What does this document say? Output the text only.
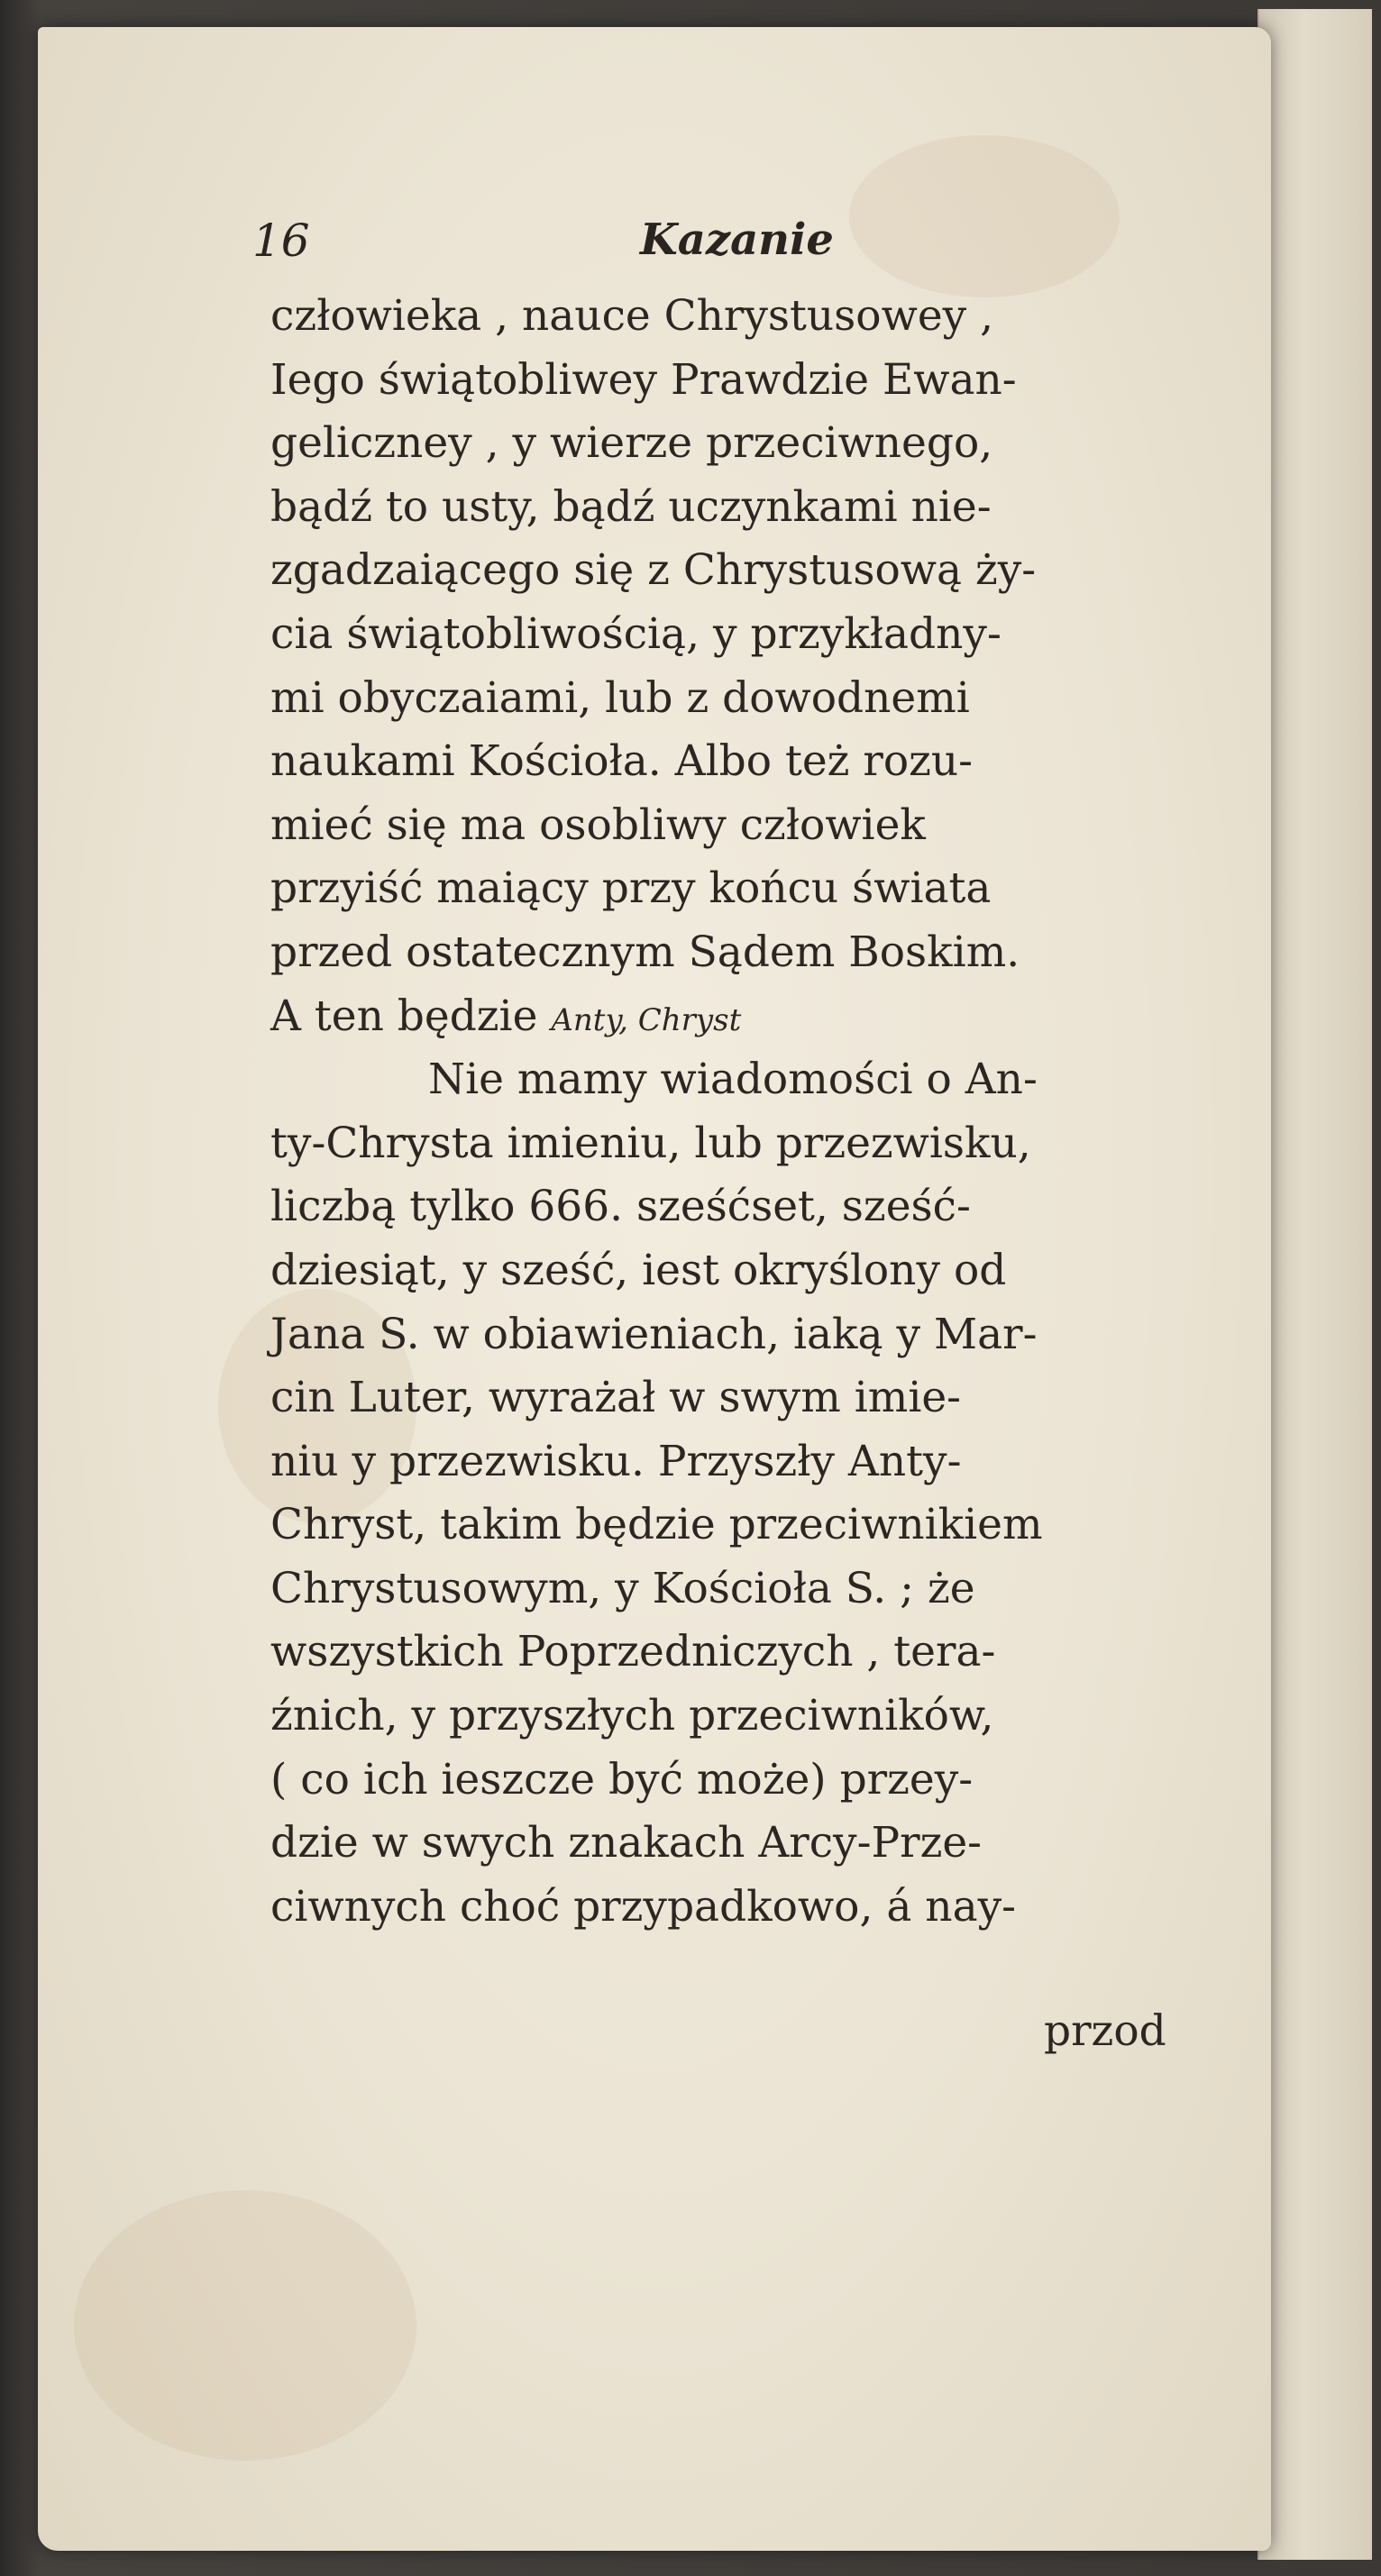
16	Kazanie
człowieka , nauce Chrystusowey ,
Iego świątobliwey Prawdzie Ewan-
geliczney , y wierze przeciwnego,
bądź to usty, bądź uczynkami nie-
zgadzaiącego się z Chrystusową ży-
cia świątobliwością, y przykładny-
mi obyczaiami, lub z dowodnemi
naukami Kościoła. Albo też rozu-
mieć się ma osobliwy człowiek
przyiść maiący przy końcu świata
przed ostatecznym Sądem Boskim.
A ten będzie Anty, Chryst
Nie mamy wiadomości o An-
ty-Chrysta imieniu, lub przezwisku,
liczbą tylko 666. sześćset, sześć-
dziesiąt, y sześć, iest okryślony od
Jana S. w obiawieniach, iaką y Mar-
cin Luter, wyrażał w swym imie-
niu y przezwisku. Przyszły Anty-
Chryst, takim będzie przeciwnikiem
Chrystusowym, y Kościoła S. ; że
wszystkich Poprzedniczych , tera-
źnich, y przyszłych przeciwników,
( co ich ieszcze być może) przey-
dzie w swych znakach Arcy-Prze-
ciwnych choć przypadkowo, á nay-
przod
